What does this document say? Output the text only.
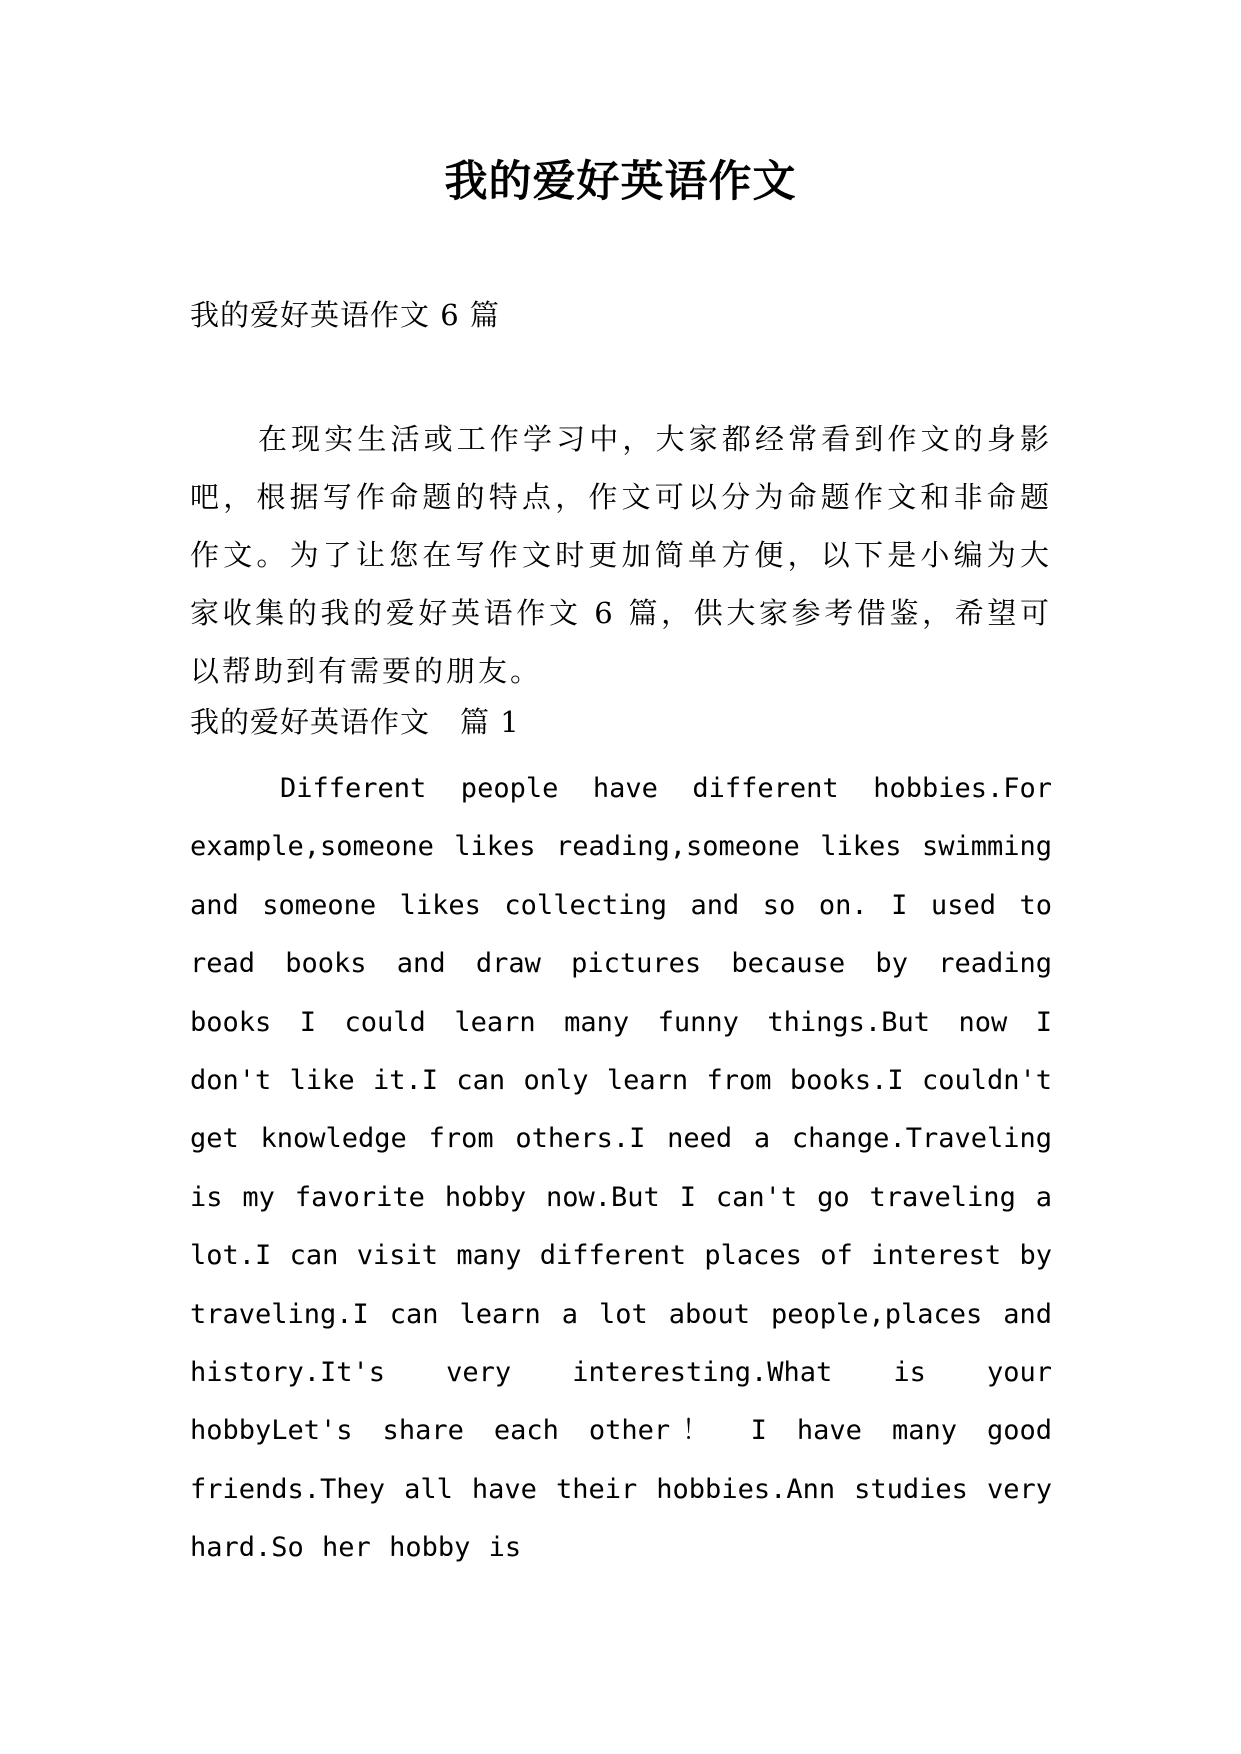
我的爱好英语作文
我的爱好英语作文 6 篇

在现实生活或工作学习中，大家都经常看到作文的身影吧，根据写作命题的特点，作文可以分为命题作文和非命题作文。为了让您在写作文时更加简单方便，以下是小编为大家收集的我的爱好英语作文 6 篇，供大家参考借鉴，希望可以帮助到有需要的朋友。

我的爱好英语作文　篇 1

Different people have different hobbies.For example,someone likes reading,someone likes swimming and someone likes collecting and so on. I used to read books and draw pictures because by reading books I could learn many funny things.But now I don't like it.I can only learn from books.I couldn't get knowledge from others.I need a change.Traveling is my favorite hobby now.But I can't go traveling a lot.I can visit many different places of interest by traveling.I can learn a lot about people,places and history.It's very interesting.What is your hobbyLet's share each other！ I have many good friends.They all have their hobbies.Ann studies very hard.So her hobby is
